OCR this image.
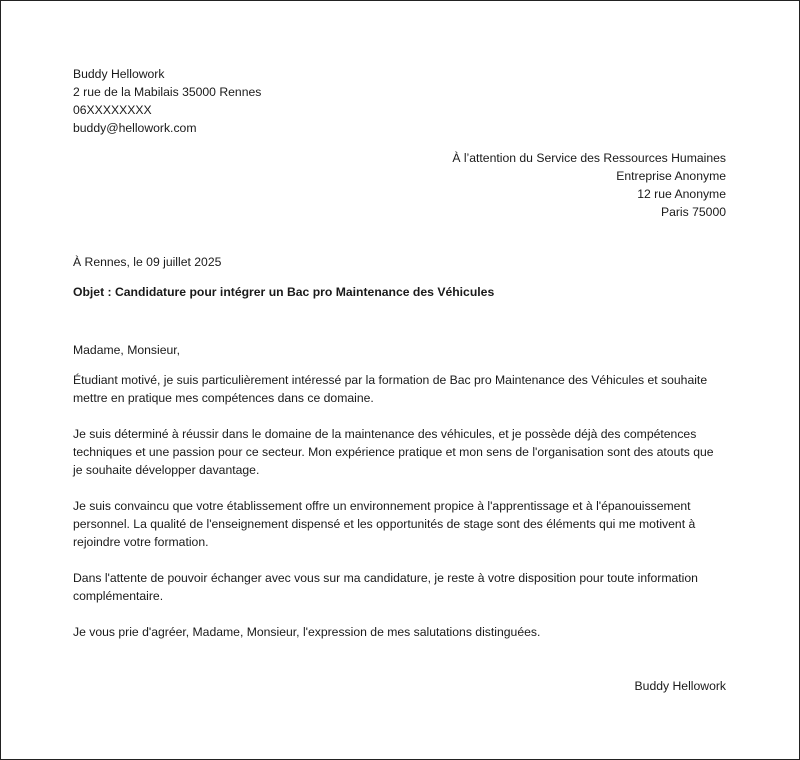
Buddy Hellowork

2 rue de la Mabilais 35000 Rennes

06XXXXXXXX

buddy@hellowork.com

À l’attention du Service des Ressources Humaines

Entreprise Anonyme

12 rue Anonyme

Paris 75000

À Rennes, le 09 juillet 2025

Objet : Candidature pour intégrer un Bac pro Maintenance des Véhicules

Madame, Monsieur,

Étudiant motivé, je suis particulièrement intéressé par la formation de Bac pro Maintenance des Véhicules et souhaite mettre en pratique mes compétences dans ce domaine.

Je suis déterminé à réussir dans le domaine de la maintenance des véhicules, et je possède déjà des compétences techniques et une passion pour ce secteur. Mon expérience pratique et mon sens de l'organisation sont des atouts que je souhaite développer davantage.

Je suis convaincu que votre établissement offre un environnement propice à l'apprentissage et à l'épanouissement personnel. La qualité de l'enseignement dispensé et les opportunités de stage sont des éléments qui me motivent à rejoindre votre formation.

Dans l'attente de pouvoir échanger avec vous sur ma candidature, je reste à votre disposition pour toute information complémentaire.

Je vous prie d'agréer, Madame, Monsieur, l'expression de mes salutations distinguées.

Buddy Hellowork
